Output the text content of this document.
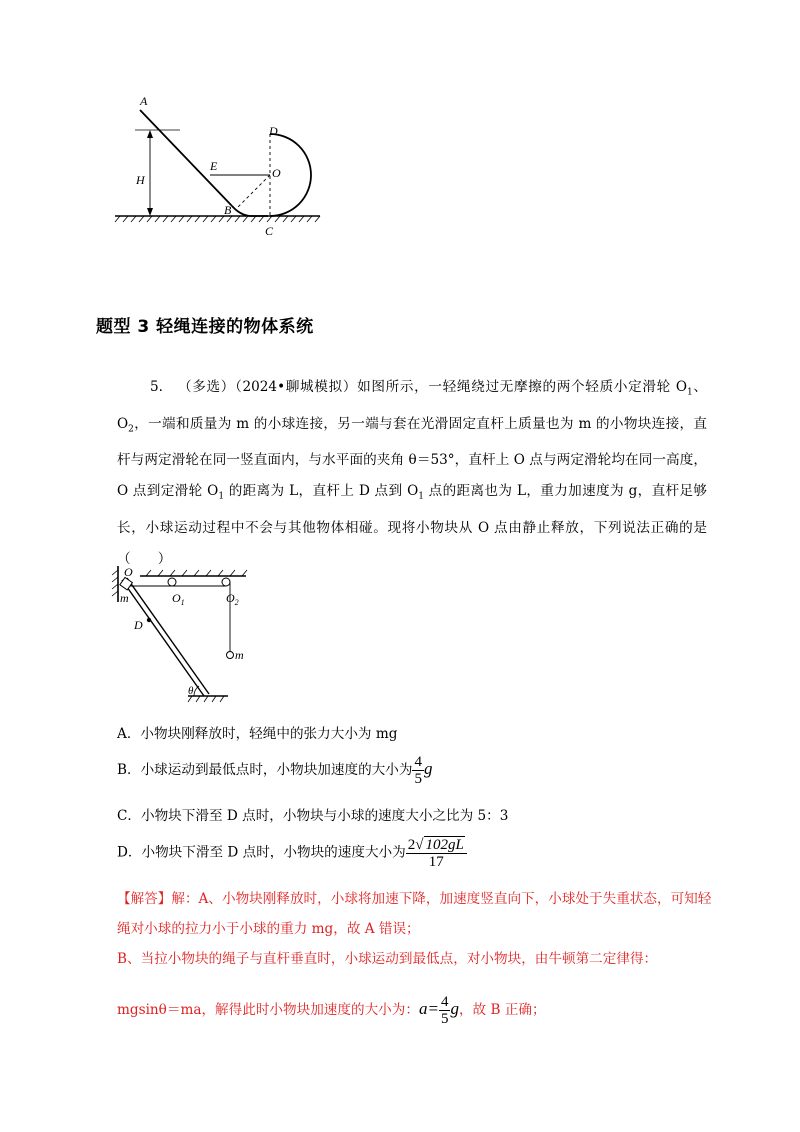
A
D
E	O
H
B
C
题型 3 轻绳连接的物体系统
5. （多选）（2024•聊城模拟）如图所示，一轻绳绕过无摩擦的两个轻质小定滑轮 $O_1$、$O_2$，一端和质量为 m 的小球连接，另一端与套在光滑固定直杆上质量也为 m 的小物块连接，直杆与两定滑轮在同一竖直面内，与水平面的夹角 θ＝53°，直杆上 O 点与两定滑轮均在同一高度，O 点到定滑轮 $O_1$ 的距离为 L，直杆上 D 点到 $O_1$ 点的距离也为 L，重力加速度为 g，直杆足够长，小球运动过程中不会与其他物体相碰。现将小物块从 O 点由静止释放，下列说法正确的是（　　）
O
m	$O_1$	$O_2$
D
m
θ
A．小物块刚释放时，轻绳中的张力大小为 mg
B．小球运动到最低点时，小物块加速度的大小为 $\frac{4}{5}$ g
C．小物块下滑至 D 点时，小物块与小球的速度大小之比为 5：3
D．小物块下滑至 D 点时，小物块的速度大小为 $\frac{2√ 102gL}{17}$
【解答】解：A、小物块刚释放时，小球将加速下降，加速度竖直向下，小球处于失重状态，可知轻绳对小球的拉力小于小球的重力 mg，故 A 错误；
B、当拉小物块的绳子与直杆垂直时，小球运动到最低点，对小物块，由牛顿第二定律得：
mgsinθ＝ma，解得此时小物块加速度的大小为：$a= \frac{4}{5}$ g，故 B 正确；
